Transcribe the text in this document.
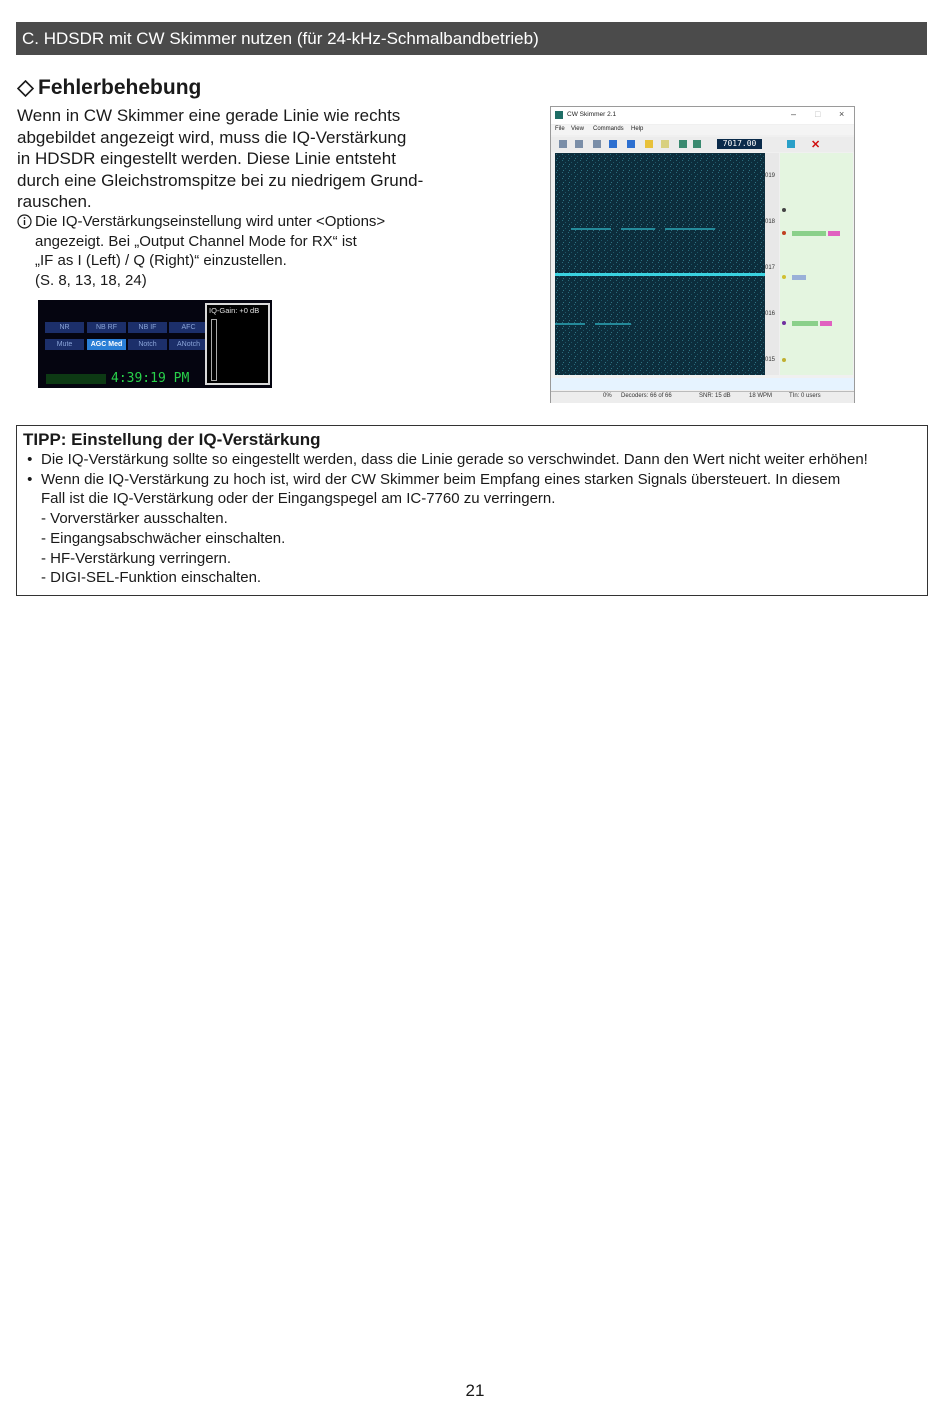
C. HDSDR mit CW Skimmer nutzen (für 24-kHz-Schmalbandbetrieb)
Fehlerbehebung
Wenn in CW Skimmer eine gerade Linie wie rechts
abgebildet angezeigt wird, muss die IQ-Verstärkung
in HDSDR eingestellt werden. Diese Linie entsteht
durch eine Gleichstromspitze bei zu niedrigem Grund-
rauschen.
Die IQ-Verstärkungseinstellung wird unter <Options>
angezeigt. Bei „Output Channel Mode for RX“ ist
„IF as I (Left) / Q (Right)“ einzustellen.
(S. 8, 13, 18, 24)
NR	NB RF	NB IF	AFC
Mute	AGC Med	Notch	ANotch
4:39:19 PM
IQ-Gain: +0 dB
CW Skimmer 2.1	– □ ×
File View Commands Help
7017.00	✕
019
018
017
016
015
0% Decoders: 66 of 66	SNR: 15 dB	18 WPM	TIn: 0 users
TIPP: Einstellung der IQ-Verstärkung
• Die IQ-Verstärkung sollte so eingestellt werden, dass die Linie gerade so verschwindet. Dann den Wert nicht weiter erhöhen!
• Wenn die IQ-Verstärkung zu hoch ist, wird der CW Skimmer beim Empfang eines starken Signals übersteuert. In diesem
Fall ist die IQ-Verstärkung oder der Eingangspegel am IC-7760 zu verringern.
- Vorverstärker ausschalten.
- Eingangsabschwächer einschalten.
- HF-Verstärkung verringern.
- DIGI-SEL-Funktion einschalten.
21
